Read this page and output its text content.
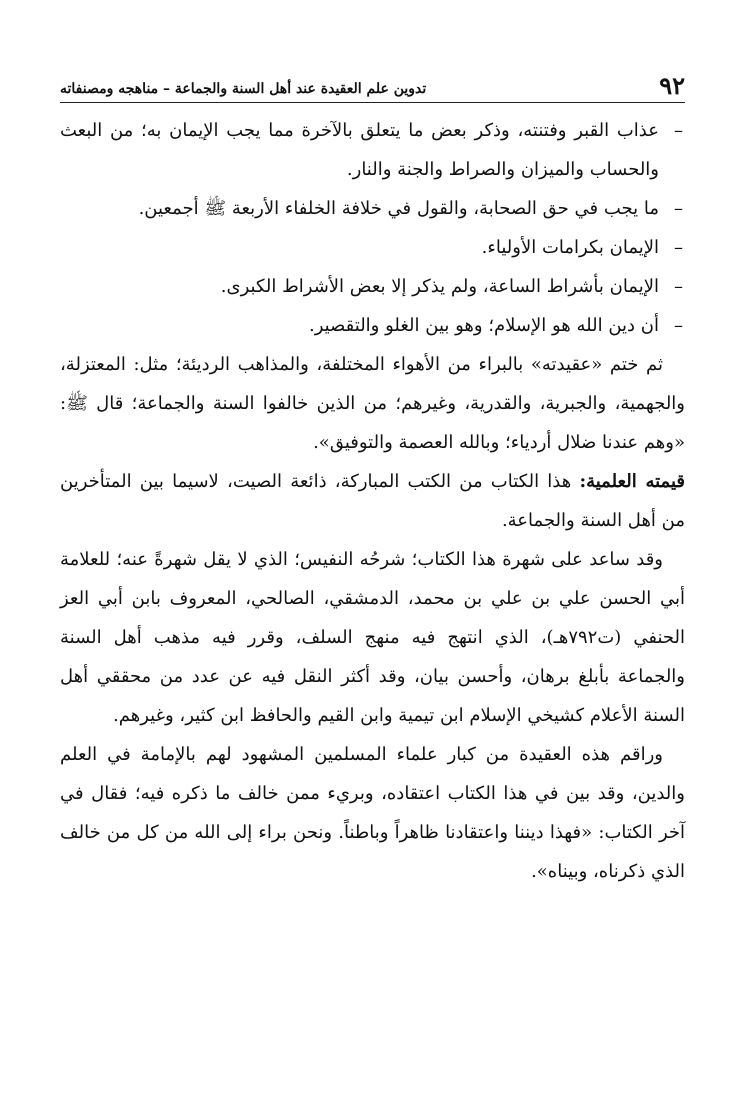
٩٢
تدوين علم العقيدة عند أهل السنة والجماعة – مناهجه ومصنفاته
–
عذاب القبر وفتنته، وذكر بعض ما يتعلق بالآخرة مما يجب الإيمان به؛ من البعث والحساب والميزان والصراط والجنة والنار.
–
ما يجب في حق الصحابة، والقول في خلافة الخلفاء الأربعة ﷺ أجمعين.
–
الإيمان بكرامات الأولياء.
–
الإيمان بأشراط الساعة، ولم يذكر إلا بعض الأشراط الكبرى.
–
أن دين الله هو الإسلام؛ وهو بين الغلو والتقصير.

ثم ختم «عقيدته» بالبراء من الأهواء المختلفة، والمذاهب الرديئة؛ مثل: المعتزلة، والجهمية، والجبرية، والقدرية، وغيرهم؛ من الذين خالفوا السنة والجماعة؛ قال ﷺ: «وهم عندنا ضلال أردياء؛ وبالله العصمة والتوفيق».

قيمته العلمية: هذا الكتاب من الكتب المباركة، ذائعة الصيت، لاسيما بين المتأخرين من أهل السنة والجماعة.

وقد ساعد على شهرة هذا الكتاب؛ شرحُه النفيس؛ الذي لا يقل شهرةً عنه؛ للعلامة أبي الحسن علي بن علي بن محمد، الدمشقي، الصالحي، المعروف بابن أبي العز الحنفي (ت٧٩٢هـ)، الذي انتهج فيه منهج السلف، وقرر فيه مذهب أهل السنة والجماعة بأبلغ برهان، وأحسن بيان، وقد أكثر النقل فيه عن عدد من محققي أهل السنة الأعلام كشيخي الإسلام ابن تيمية وابن القيم والحافظ ابن كثير، وغيرهم.

وراقم هذه العقيدة من كبار علماء المسلمين المشهود لهم بالإمامة في العلم والدين، وقد بين في هذا الكتاب اعتقاده، وبريء ممن خالف ما ذكره فيه؛ فقال في آخر الكتاب: «فهذا ديننا واعتقادنا ظاهراً وباطناً. ونحن براء إلى الله من كل من خالف الذي ذكرناه، وبيناه».
